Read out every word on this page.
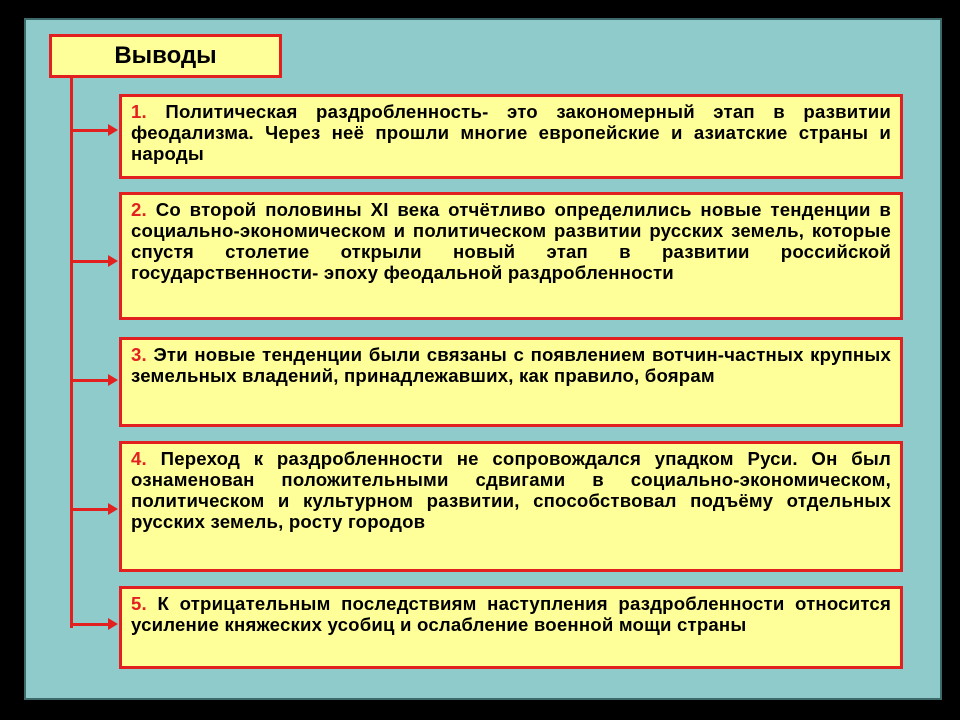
Выводы
1. Политическая раздробленность- это закономерный этап в развитии феодализма. Через неё прошли многие европейские и азиатские страны и народы
2. Со второй половины XI века отчётливо определились новые тенденции в социально-экономическом и политическом развитии русских земель, которые спустя столетие открыли новый этап в развитии российской государственности- эпоху феодальной раздробленности
3. Эти новые тенденции были связаны с появлением вотчин-частных крупных земельных владений, принадлежавших, как правило, боярам
4. Переход к раздробленности не сопровождался упадком Руси. Он был ознаменован положительными сдвигами в социально-экономическом, политическом и культурном развитии, способствовал подъёму отдельных русских земель, росту городов
5. К отрицательным последствиям наступления раздробленности относится усиление княжеских усобиц и ослабление военной мощи страны
